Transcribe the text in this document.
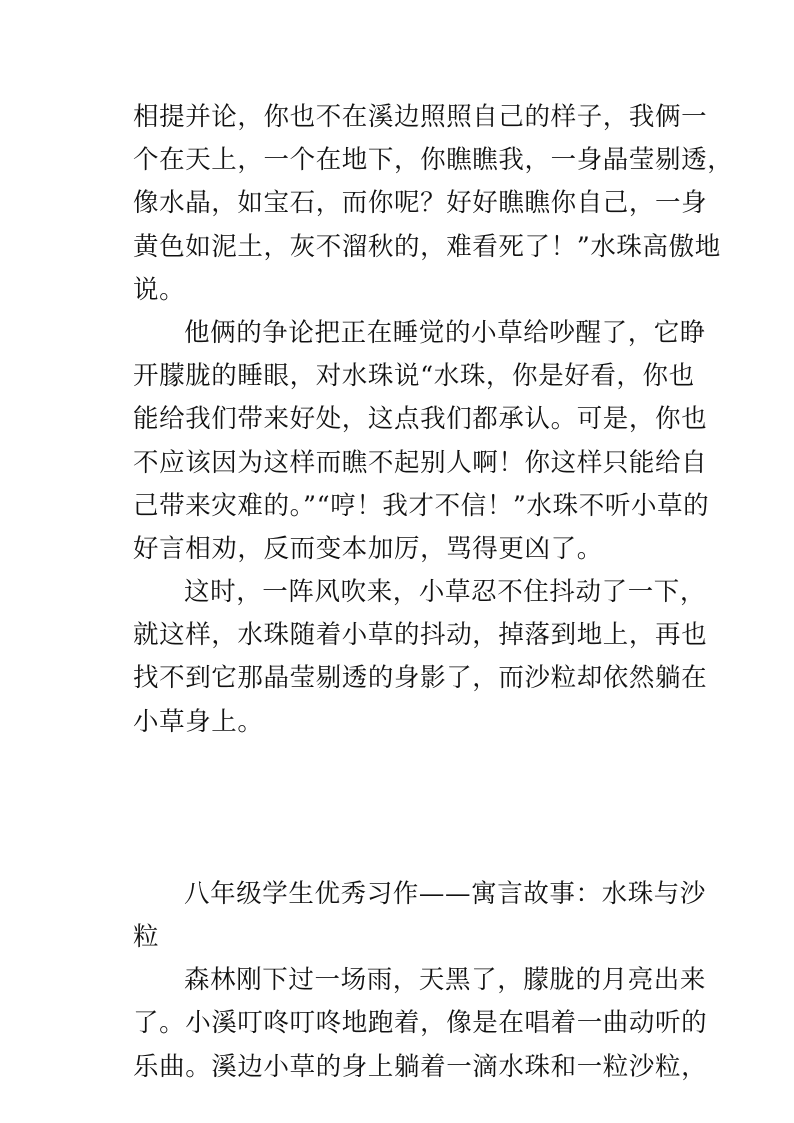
相提并论，你也不在溪边照照自己的样子，我俩一
个在天上，一个在地下，你瞧瞧我，一身晶莹剔透，
像水晶，如宝石，而你呢？好好瞧瞧你自己，一身
黄色如泥土，灰不溜秋的，难看死了！”水珠高傲地
说。
他俩的争论把正在睡觉的小草给吵醒了，它睁
开朦胧的睡眼，对水珠说“水珠，你是好看，你也
能给我们带来好处，这点我们都承认。可是，你也
不应该因为这样而瞧不起别人啊！你这样只能给自
己带来灾难的。”“哼！我才不信！”水珠不听小草的
好言相劝，反而变本加厉，骂得更凶了。
这时，一阵风吹来，小草忍不住抖动了一下，
就这样，水珠随着小草的抖动，掉落到地上，再也
找不到它那晶莹剔透的身影了，而沙粒却依然躺在
小草身上。
八年级学生优秀习作——寓言故事：水珠与沙
粒
森林刚下过一场雨，天黑了，朦胧的月亮出来
了。小溪叮咚叮咚地跑着，像是在唱着一曲动听的
乐曲。溪边小草的身上躺着一滴水珠和一粒沙粒，
